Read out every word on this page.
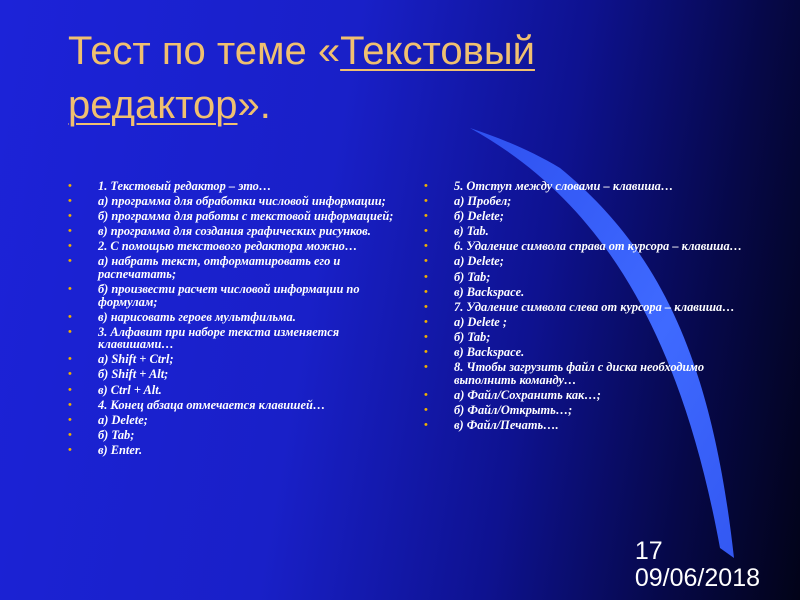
Тест по теме «Текстовый
редактор».
• 1. Текстовый редактор – это…
• а) программа для обработки числовой информации;
• б) программа для работы с текстовой информацией;
• в) программа для создания графических рисунков.
• 2. С помощью текстового редактора можно…
• а) набрать текст, отформатировать его и распечатать;
• б) произвести расчет числовой информации по формулам;
• в) нарисовать героев мультфильма.
• 3. Алфавит при наборе текста изменяется клавишами…
• а) Shift + Ctrl;
• б) Shift + Alt;
• в) Ctrl + Alt.
• 4. Конец абзаца отмечается клавишей…
• а) Delete;
• б) Tab;
• в) Enter.
• 5. Отступ между словами – клавиша…
• а) Пробел;
• б) Delete;
• в) Tab.
• 6. Удаление символа справа от курсора – клавиша…
• а) Delete;
• б) Tab;
• в) Backspace.
• 7. Удаление символа слева от курсора – клавиша…
• а) Delete ;
• б) Tab;
• в) Backspace.
• 8. Чтобы загрузить файл с диска необходимо выполнить команду…
• а) Файл/Сохранить как…;
• б) Файл/Открыть…;
• в) Файл/Печать….
17
09/06/2018
